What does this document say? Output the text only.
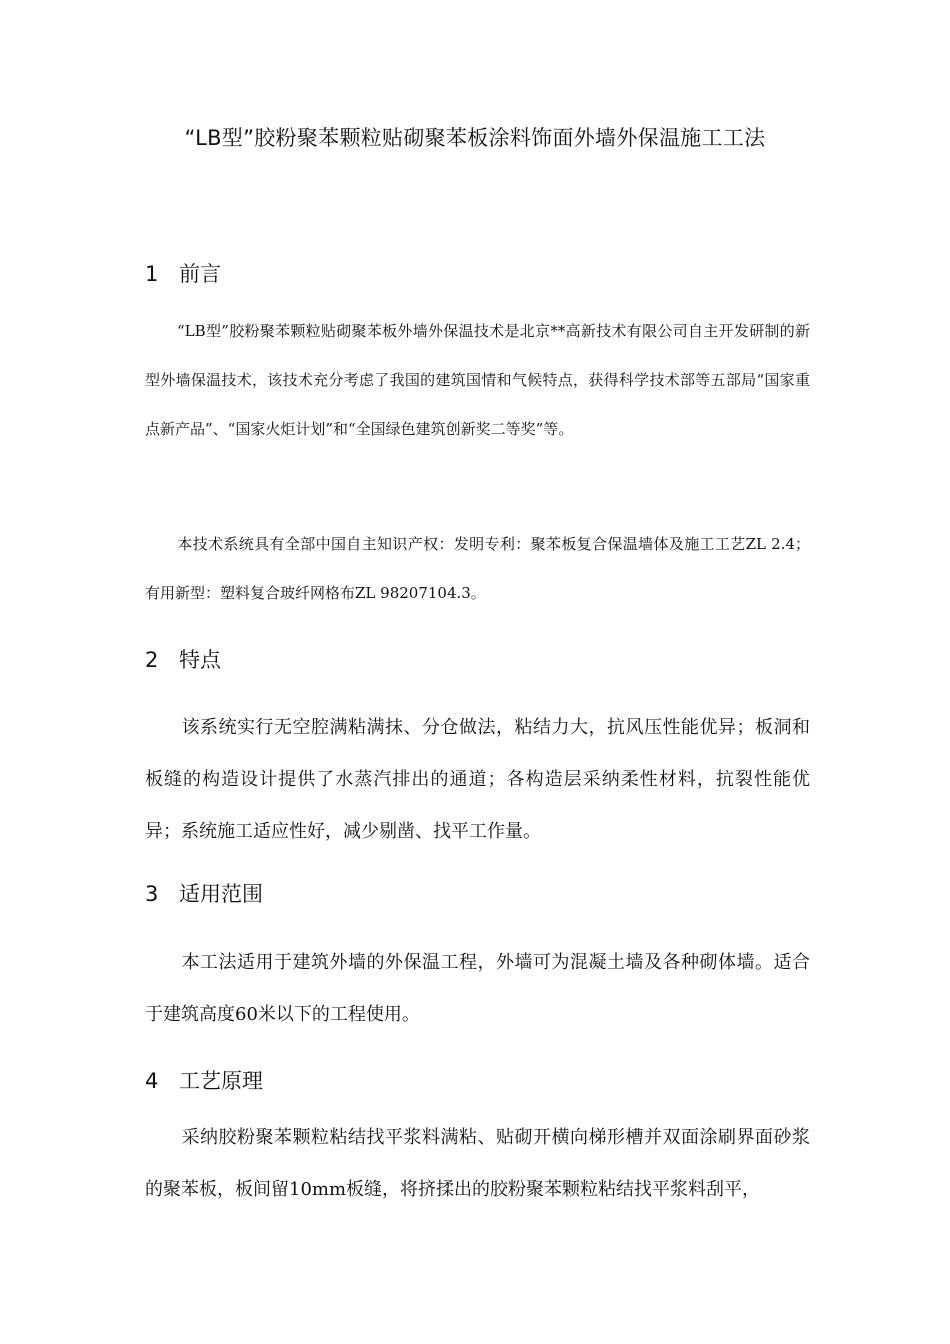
“LB型”胶粉聚苯颗粒贴砌聚苯板涂料饰面外墙外保温施工工法
1 前言
“LB型”胶粉聚苯颗粒贴砌聚苯板外墙外保温技术是北京**高新技术有限公司自主开发研制的新型外墙保温技术，该技术充分考虑了我国的建筑国情和气候特点，获得科学技术部等五部局“国家重点新产品”、“国家火炬计划”和“全国绿色建筑创新奖二等奖”等。
本技术系统具有全部中国自主知识产权：发明专利：聚苯板复合保温墙体及施工工艺ZL 2.4；有用新型：塑料复合玻纤网格布ZL 98207104.3。
2 特点
该系统实行无空腔满粘满抹、分仓做法，粘结力大，抗风压性能优异；板洞和板缝的构造设计提供了水蒸汽排出的通道；各构造层采纳柔性材料，抗裂性能优异；系统施工适应性好，减少剔凿、找平工作量。
3 适用范围
本工法适用于建筑外墙的外保温工程，外墙可为混凝土墙及各种砌体墙。适合于建筑高度60米以下的工程使用。
4 工艺原理
采纳胶粉聚苯颗粒粘结找平浆料满粘、贴砌开横向梯形槽并双面涂刷界面砂浆的聚苯板，板间留10mm板缝，将挤揉出的胶粉聚苯颗粒粘结找平浆料刮平，
